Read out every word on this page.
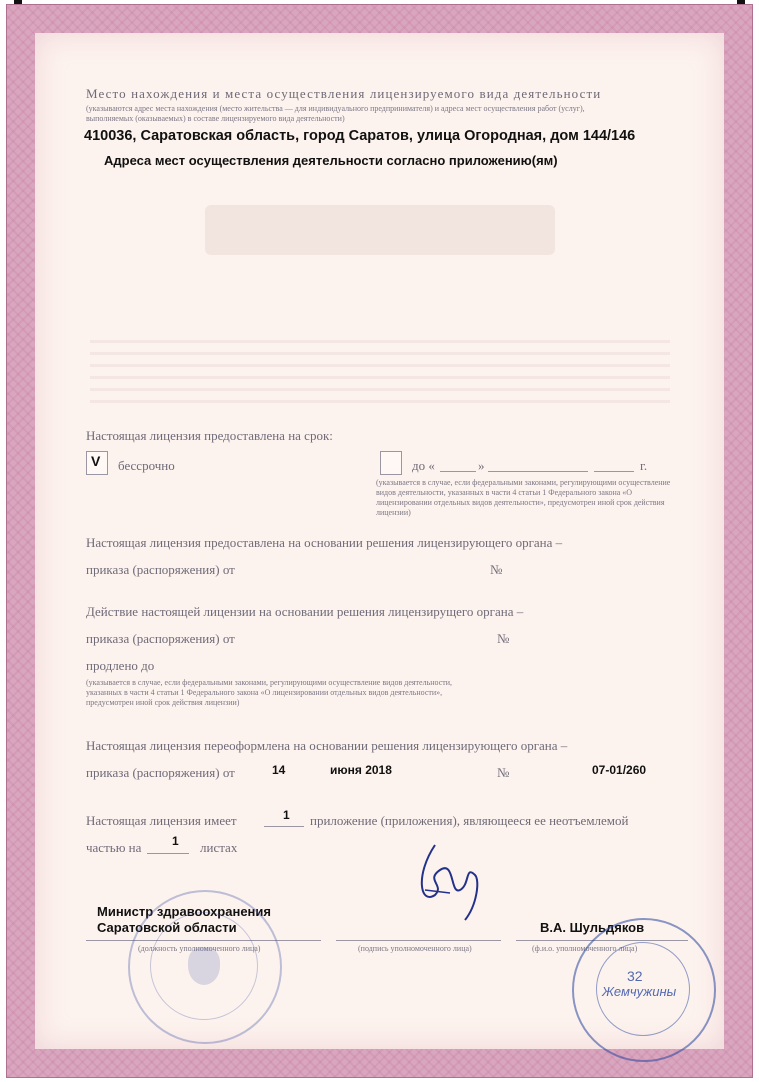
Место нахождения и места осуществления лицензируемого вида деятельности
(указываются адрес места нахождения (место жительства — для индивидуального предпринимателя) и адреса мест осуществления работ (услуг),
выполняемых (оказываемых) в составе лицензируемого вида деятельности)
410036, Саратовская область, город Саратов, улица Огородная, дом 144/146
Адреса мест осуществления деятельности согласно приложению(ям)
Настоящая лицензия предоставлена на срок:
V бессрочно	до «	»	г.
(указывается в случае, если федеральными законами, регулирующими осуществление видов деятельности, указанных в части 4 статьи 1 Федерального закона «О лицензировании отдельных видов деятельности», предусмотрен иной срок действия лицензии)
Настоящая лицензия предоставлена на основании решения лицензирующего органа –
приказа (распоряжения) от	№
Действие настоящей лицензии на основании решения лицензирущего органа –
приказа (распоряжения) от	№
продлено до
(указывается в случае, если федеральными законами, регулирующими осуществление видов деятельности, указанных в части 4 статьи 1 Федерального закона «О лицензировании отдельных видов деятельности», предусмотрен иной срок действия лицензии)
Настоящая лицензия переоформлена на основании решения лицензирующего органа –
приказа (распоряжения) от	14	июня 2018	№	07-01/260
Настоящая лицензия имеет	1 приложение (приложения), являющееся ее неотъемлемой
частью на	1 листах
Министр здравоохранения
Саратовской области
(должность уполномоченного лица)	(подпись уполномоченного лица)
В.А. Шульдяков
(ф.и.о. уполномоченного лица)
32
Жемчужины
